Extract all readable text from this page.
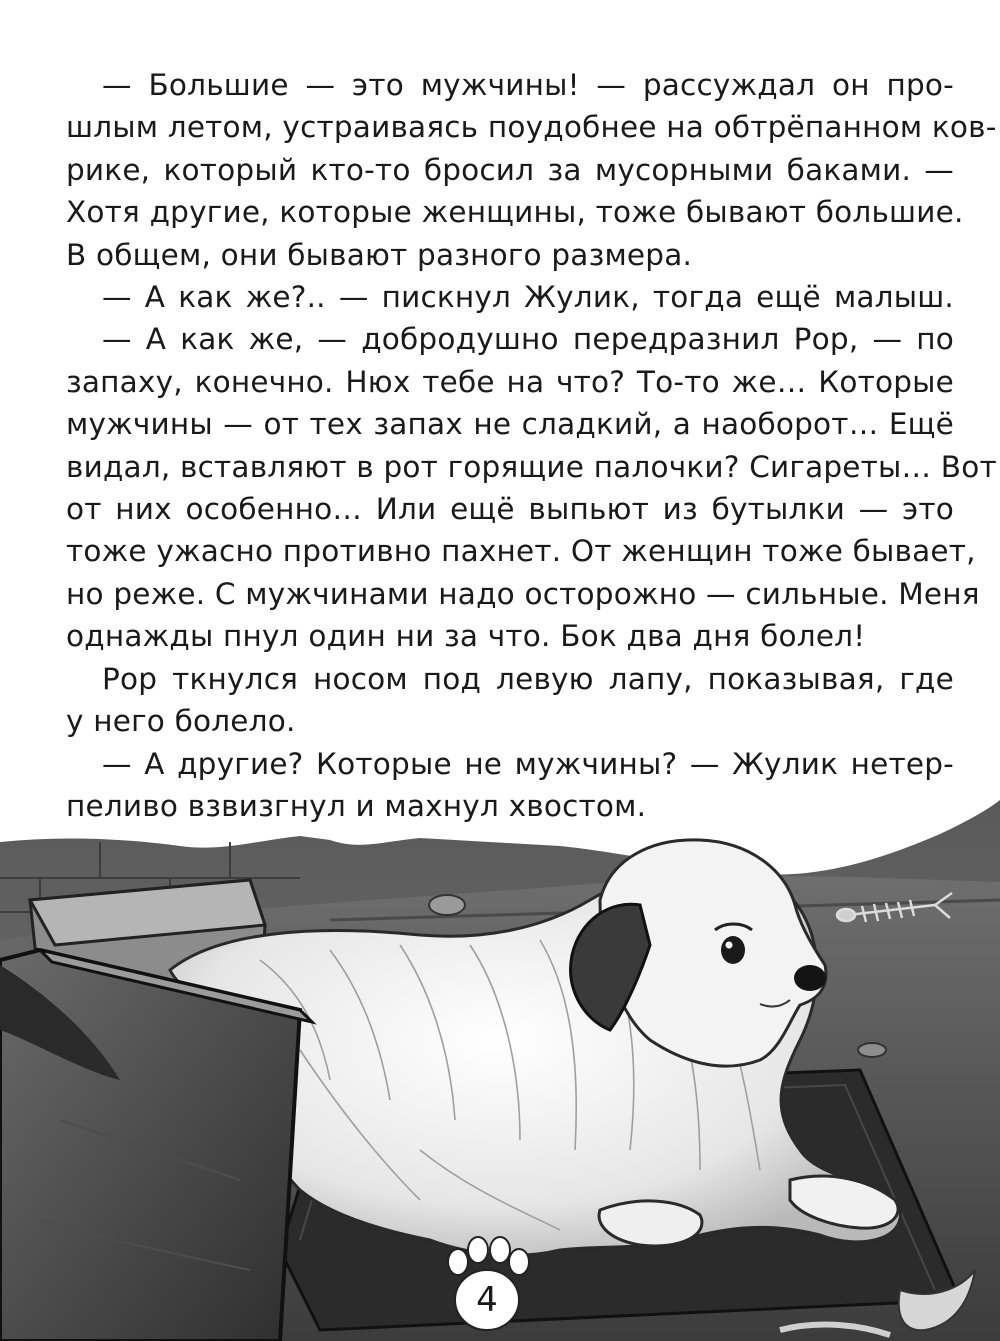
— Большие — это мужчины! — рассуждал он про-
шлым летом, устраиваясь поудобнее на обтрёпанном ков-
рике, который кто-то бросил за мусорными баками. —
Хотя другие, которые женщины, тоже бывают большие.
В общем, они бывают разного размера.
— А как же?.. — пискнул Жулик, тогда ещё малыш.
— А как же, — добродушно передразнил Рор, — по
запаху, конечно. Нюх тебе на что? То-то же… Которые
мужчины — от тех запах не сладкий, а наоборот… Ещё
видал, вставляют в рот горящие палочки? Сигареты… Вот
от них особенно… Или ещё выпьют из бутылки — это
тоже ужасно противно пахнет. От женщин тоже бывает,
но реже. С мужчинами надо осторожно — сильные. Меня
однажды пнул один ни за что. Бок два дня болел!
Рор ткнулся носом под левую лапу, показывая, где
у него болело.
— А другие? Которые не мужчины? — Жулик нетер-
пеливо взвизгнул и махнул хвостом.
4
